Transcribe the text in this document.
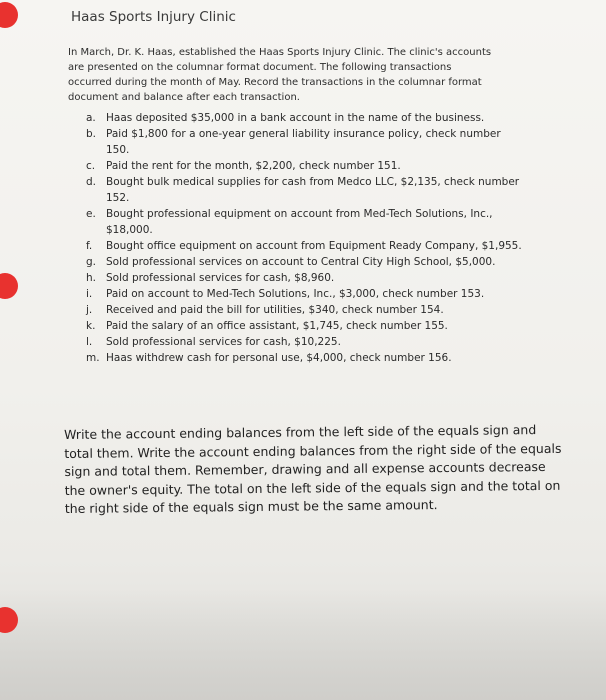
Haas Sports Injury Clinic
In March, Dr. K. Haas, established the Haas Sports Injury Clinic. The clinic's accounts are presented on the columnar format document. The following transactions occurred during the month of May. Record the transactions in the columnar format document and balance after each transaction.
a. Haas deposited $35,000 in a bank account in the name of the business.
b. Paid $1,800 for a one-year general liability insurance policy, check number 150.
c.	Paid the rent for the month, $2,200, check number 151.
d. Bought bulk medical supplies for cash from Medco LLC, $2,135, check number 152.
e. Bought professional equipment on account from Med-Tech Solutions, Inc., $18,000.
f.	Bought office equipment on account from Equipment Ready Company, $1,955.
g. Sold professional services on account to Central City High School, $5,000.
h. Sold professional services for cash, $8,960.
i.	Paid on account to Med-Tech Solutions, Inc., $3,000, check number 153.
j.	Received and paid the bill for utilities, $340, check number 154.
k.	Paid the salary of an office assistant, $1,745, check number 155.
l.	Sold professional services for cash, $10,225.
m. Haas withdrew cash for personal use, $4,000, check number 156.
Write the account ending balances from the left side of the equals sign and total them. Write the account ending balances from the right side of the equals sign and total them. Remember, drawing and all expense accounts decrease the owner's equity. The total on the left side of the equals sign and the total on the right side of the equals sign must be the same amount.
